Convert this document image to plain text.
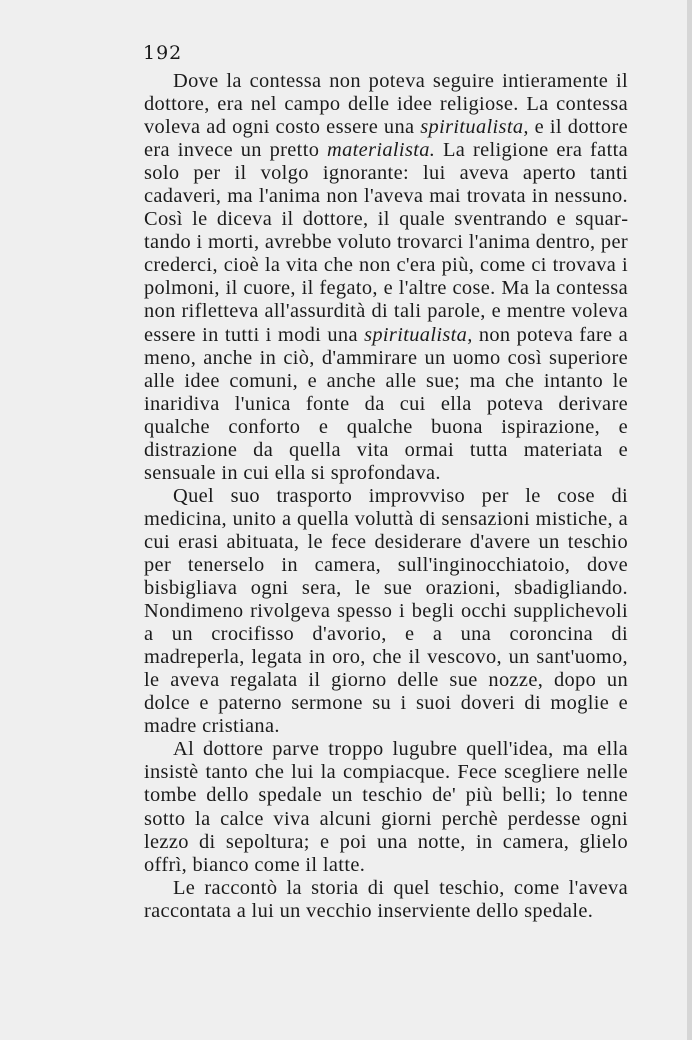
192

Dove la contessa non poteva seguire intieramente il dottore, era nel campo delle idee religiose. La contessa voleva ad ogni costo essere una spiritualista, e il dottore era invece un pretto materialista. La religione era fatta solo per il volgo ignorante: lui aveva aperto tanti cadaveri, ma l'anima non l'aveva mai trovata in nessuno. Così le diceva il dottore, il quale sventrando e squartando i morti, avrebbe voluto trovarci l'anima dentro, per crederci, cioè la vita che non c'era più, come ci trovava i polmoni, il cuore, il fegato, e l'altre cose. Ma la contessa non rifletteva all'assurdità di tali parole, e mentre voleva essere in tutti i modi una spiritualista, non poteva fare a meno, anche in ciò, d'ammirare un uomo così superiore alle idee comuni, e anche alle sue; ma che intanto le inaridiva l'unica fonte da cui ella poteva derivare qualche conforto e qualche buona ispirazione, e distrazione da quella vita ormai tutta materiata e sensuale in cui ella si sprofondava.

Quel suo trasporto improvviso per le cose di medicina, unito a quella voluttà di sensazioni mistiche, a cui erasi abituata, le fece desiderare d'avere un teschio per tenerselo in camera, sull'inginocchiatoio, dove bisbigliava ogni sera, le sue orazioni, sbadigliando. Nondimeno rivolgeva spesso i begli occhi supplichevoli a un crocifisso d'avorio, e a una coroncina di madreperla, legata in oro, che il vescovo, un sant'uomo, le aveva regalata il giorno delle sue nozze, dopo un dolce e paterno sermone su i suoi doveri di moglie e madre cristiana.

Al dottore parve troppo lugubre quell'idea, ma ella insistè tanto che lui la compiacque. Fece scegliere nelle tombe dello spedale un teschio de' più belli; lo tenne sotto la calce viva alcuni giorni perchè perdesse ogni lezzo di sepoltura; e poi una notte, in camera, glielo offrì, bianco come il latte.

Le raccontò la storia di quel teschio, come l'aveva raccontata a lui un vecchio inserviente dello spedale.
